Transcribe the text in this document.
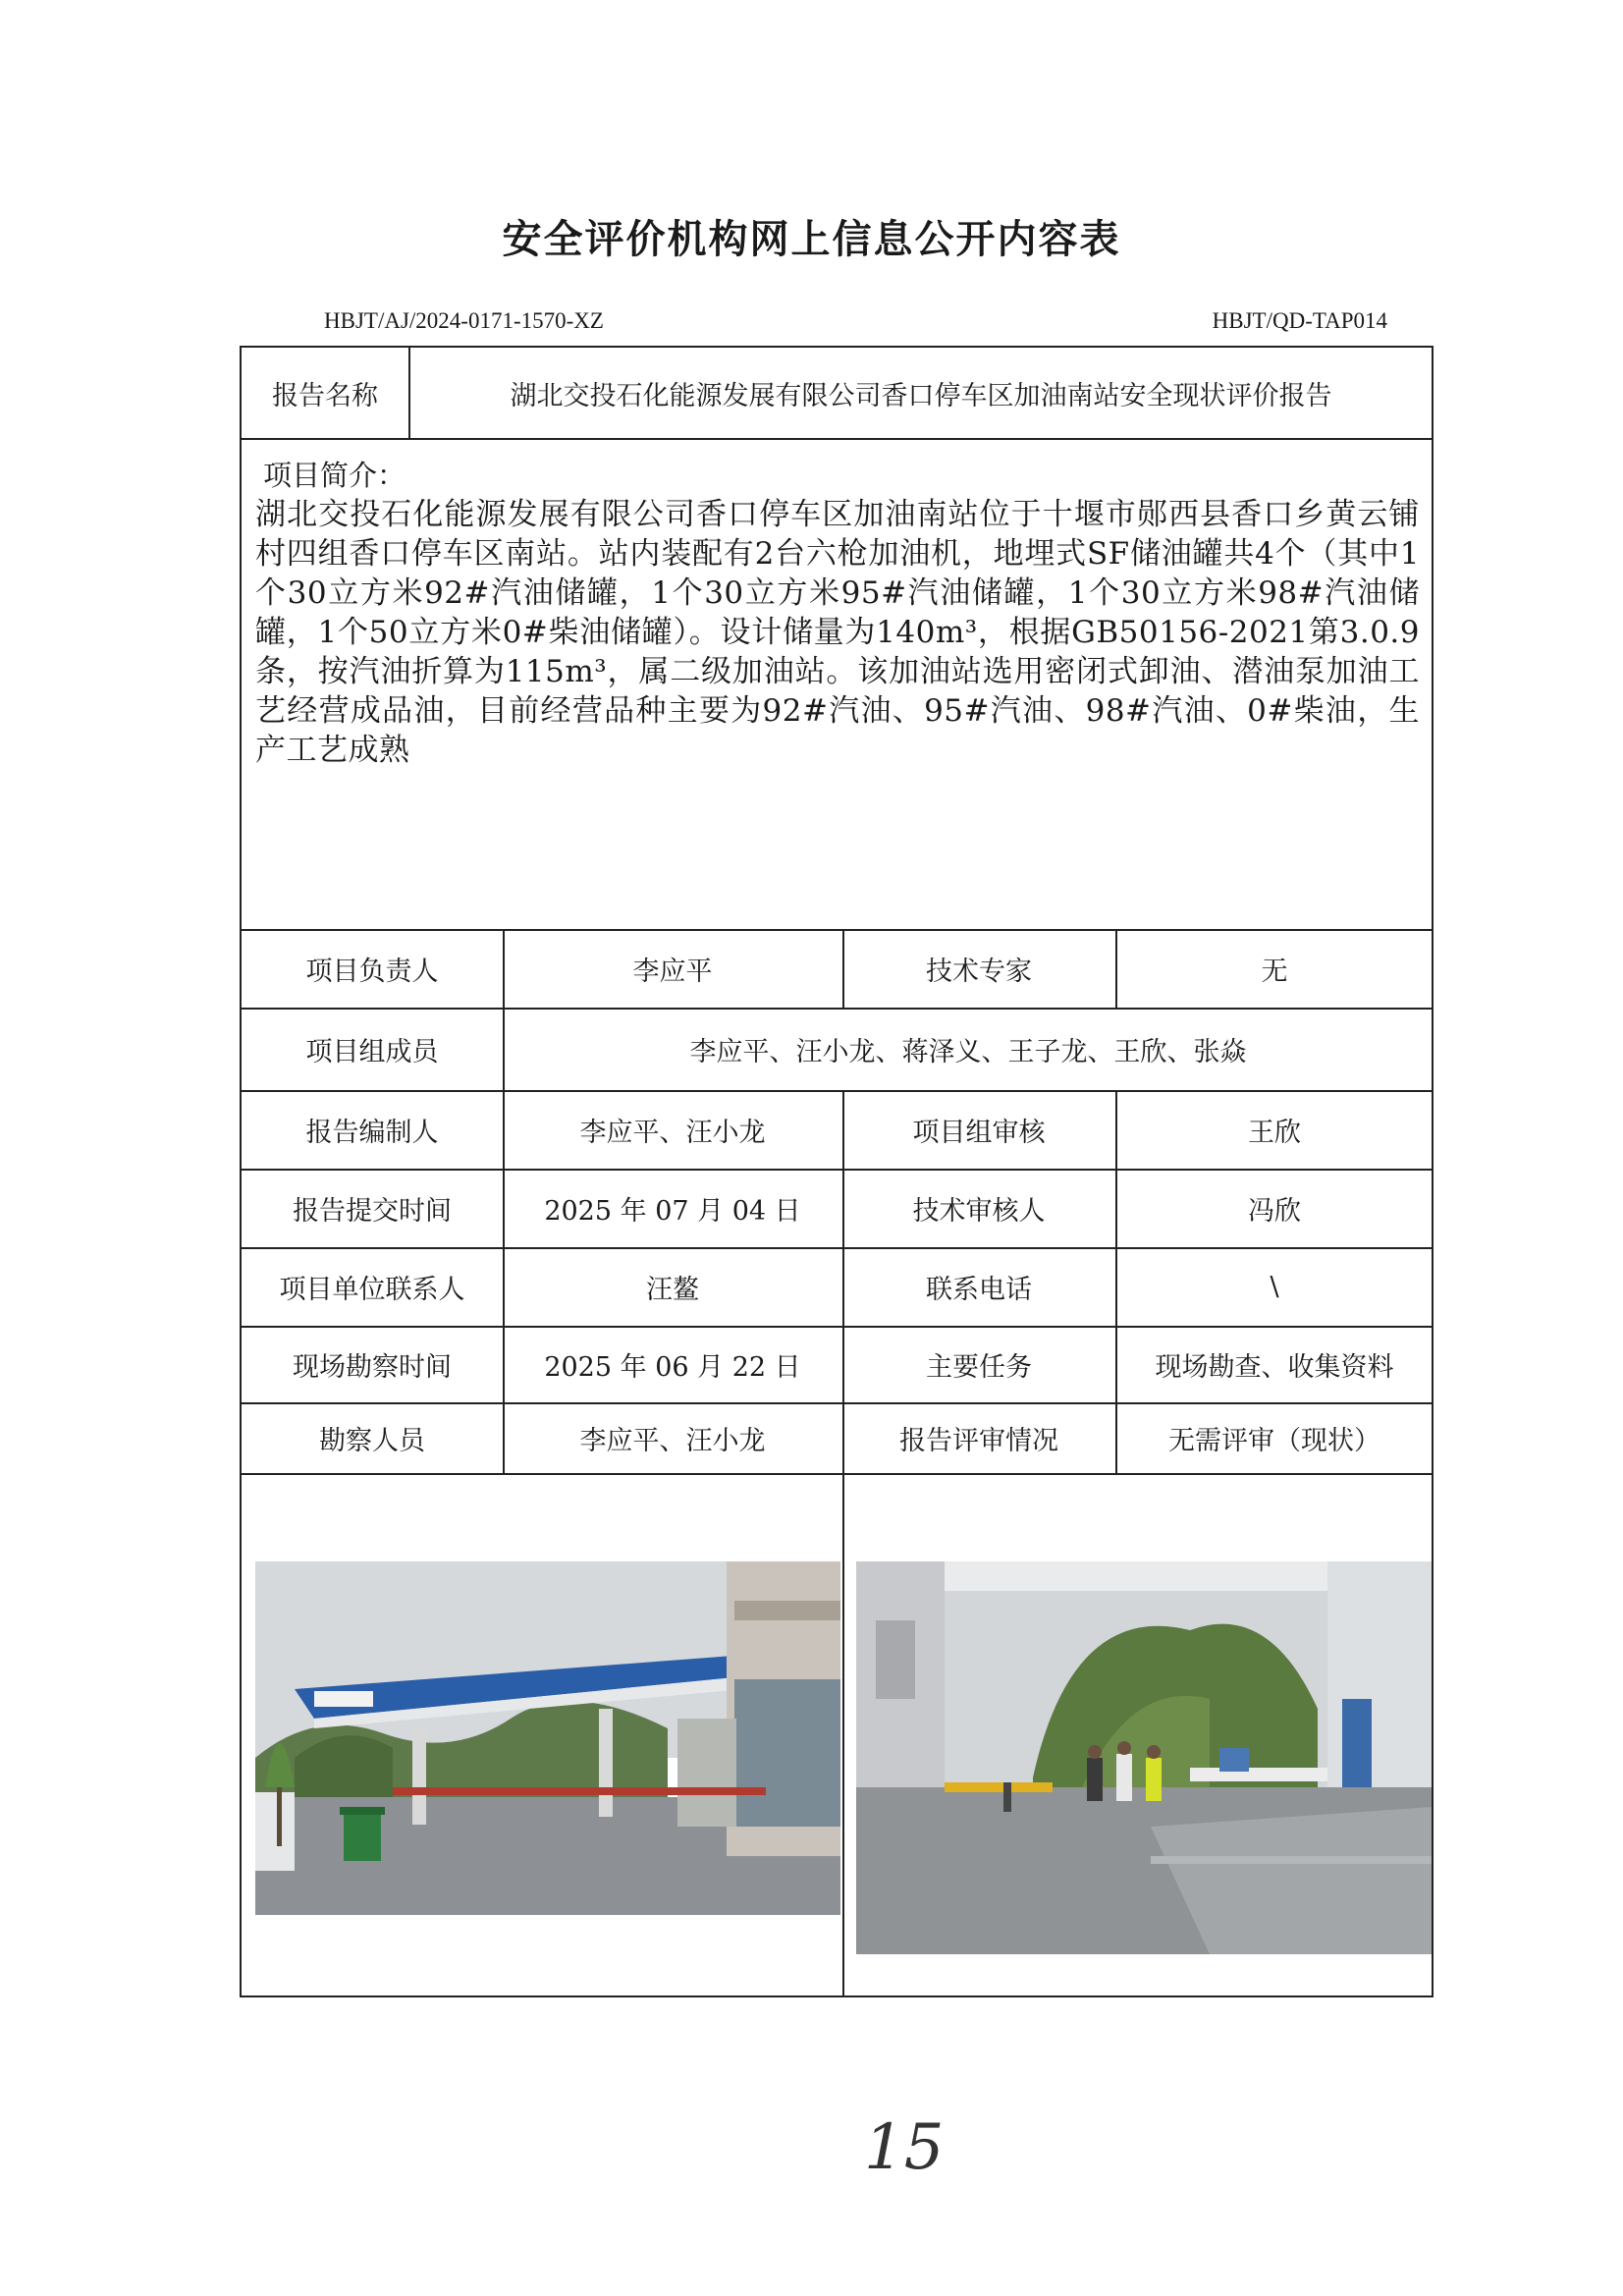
安全评价机构网上信息公开内容表
HBJT/AJ/2024-0171-1570-XZ	HBJT/QD-TAP014
报告名称	湖北交投石化能源发展有限公司香口停车区加油南站安全现状评价报告
项目简介：
湖北交投石化能源发展有限公司香口停车区加油南站位于十堰市郧西县香口乡黄云铺村四组香口停车区南站。站内装配有2台六枪加油机，地埋式SF储油罐共4个（其中1个30立方米92#汽油储罐，1个30立方米95#汽油储罐，1个30立方米98#汽油储罐，1个50立方米0#柴油储罐）。设计储量为140m³，根据GB50156-2021第3.0.9条，按汽油折算为115m³，属二级加油站。该加油站选用密闭式卸油、潜油泵加油工艺经营成品油，目前经营品种主要为92#汽油、95#汽油、98#汽油、0#柴油，生产工艺成熟
项目负责人	李应平	技术专家	无
项目组成员	李应平、汪小龙、蒋泽义、王子龙、王欣、张焱
报告编制人	李应平、汪小龙	项目组审核	王欣
报告提交时间	2025 年 07 月 04 日	技术审核人	冯欣
项目单位联系人	汪鳌	联系电话	\
现场勘察时间	2025 年 06 月 22 日	主要任务	现场勘查、收集资料
勘察人员	李应平、汪小龙	报告评审情况	无需评审（现状）
15
